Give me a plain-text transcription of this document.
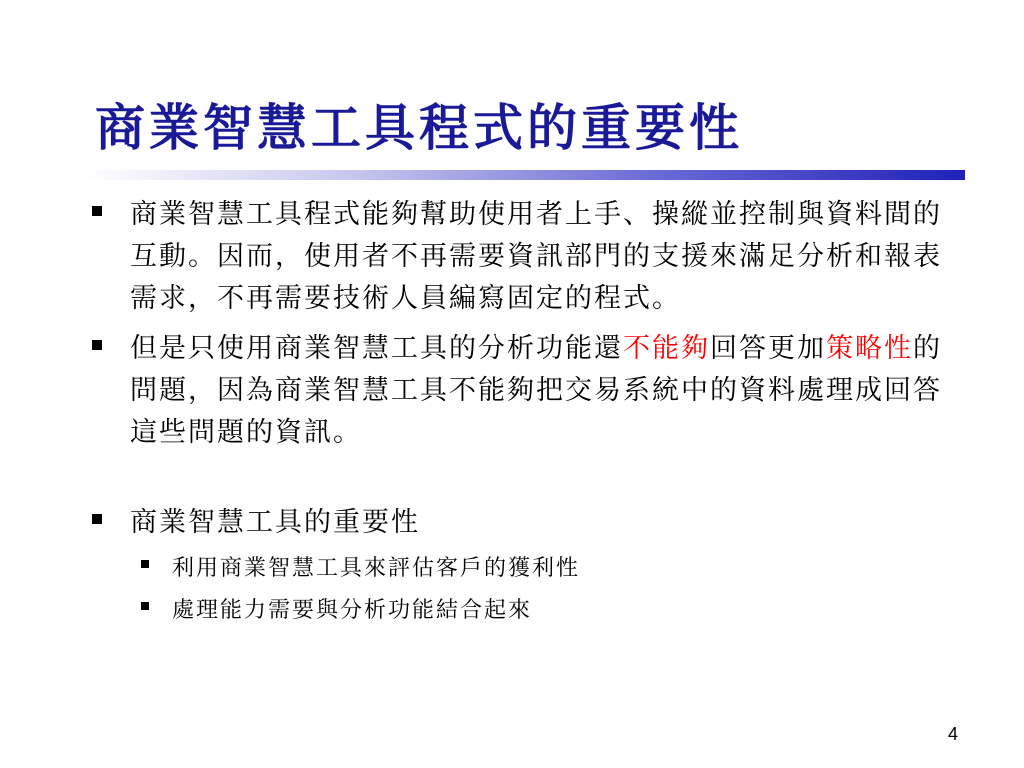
商業智慧工具程式的重要性
商業智慧工具程式能夠幫助使用者上手、操縱並控制與資料間的互動。因而，使用者不再需要資訊部門的支援來滿足分析和報表需求，不再需要技術人員編寫固定的程式。
但是只使用商業智慧工具的分析功能還不能夠回答更加策略性的問題，因為商業智慧工具不能夠把交易系統中的資料處理成回答這些問題的資訊。
商業智慧工具的重要性
利用商業智慧工具來評估客戶的獲利性
處理能力需要與分析功能結合起來
4
